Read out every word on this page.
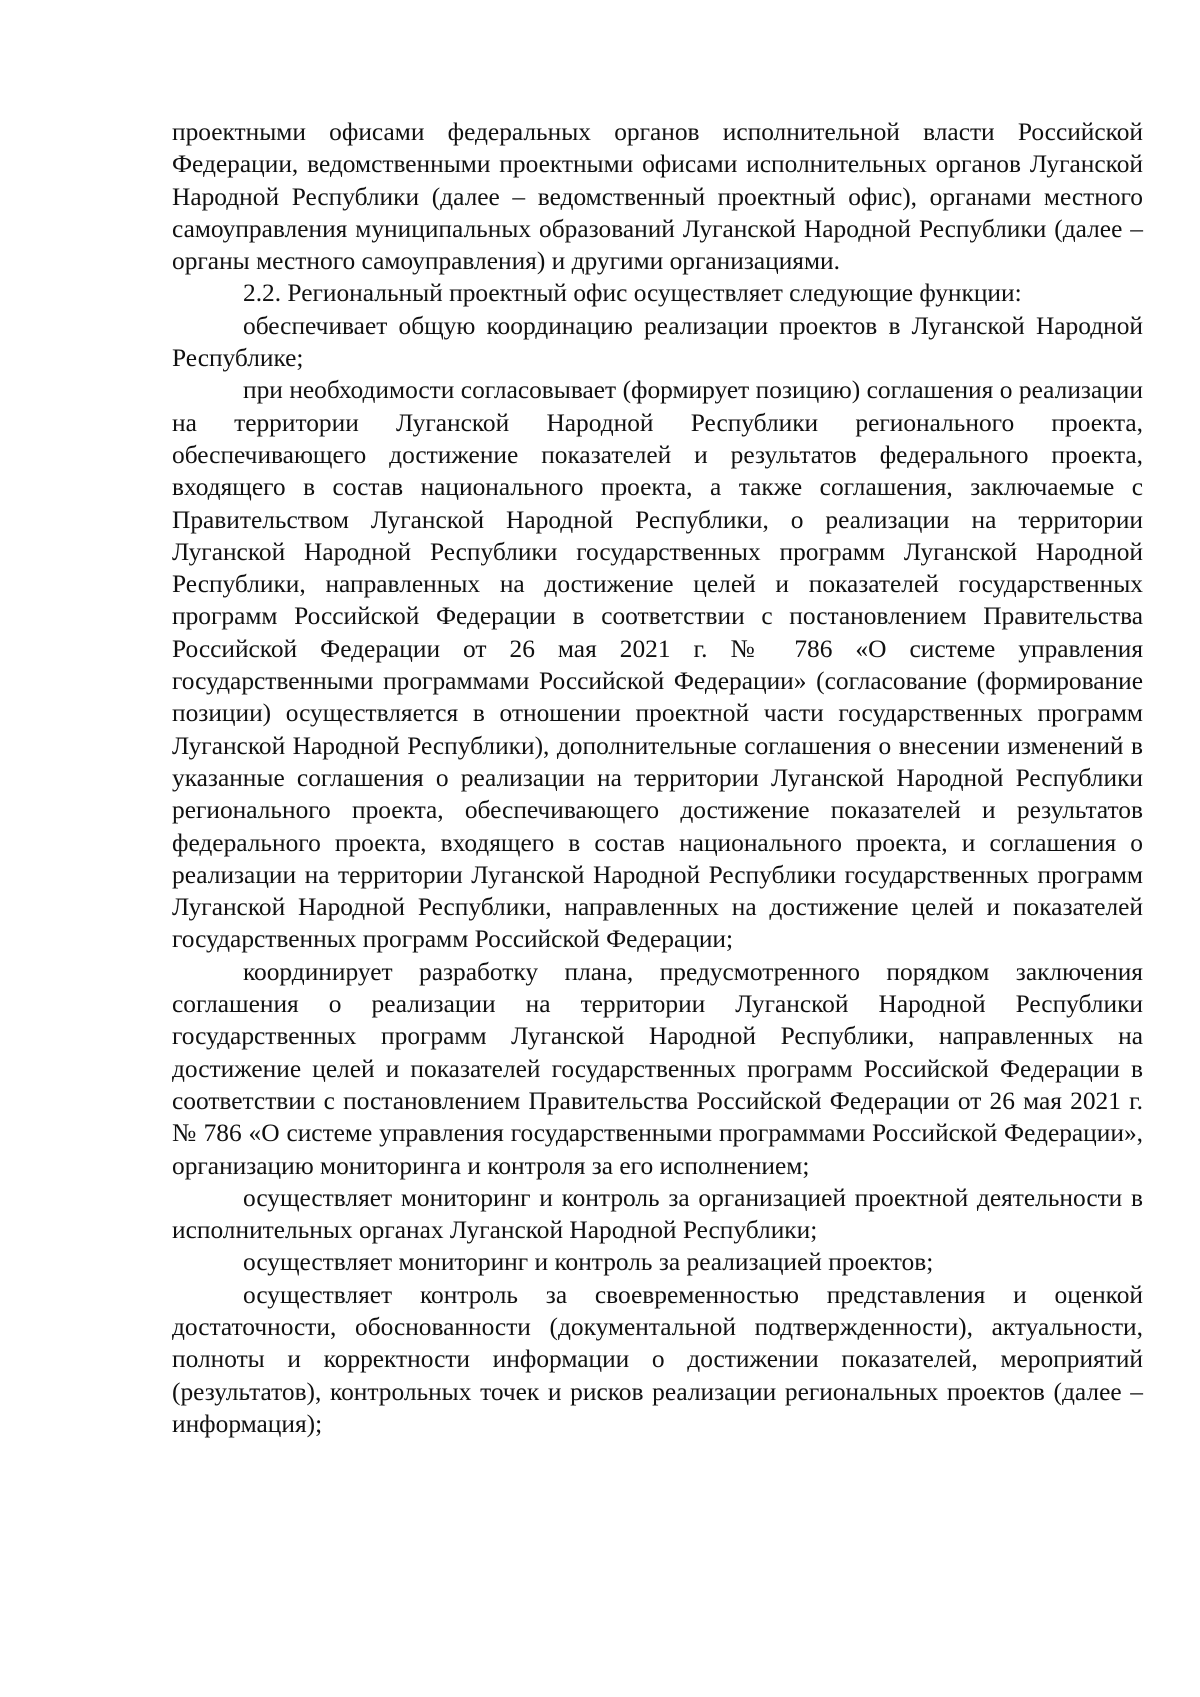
проектными офисами федеральных органов исполнительной власти Российской Федерации, ведомственными проектными офисами исполнительных органов Луганской Народной Республики (далее – ведомственный проектный офис), органами местного самоуправления муниципальных образований Луганской Народной Республики (далее – органы местного самоуправления) и другими организациями.

2.2. Региональный проектный офис осуществляет следующие функции:

обеспечивает общую координацию реализации проектов в Луганской Народной Республике;

при необходимости согласовывает (формирует позицию) соглашения о реализации на территории Луганской Народной Республики регионального проекта, обеспечивающего достижение показателей и результатов федерального проекта, входящего в состав национального проекта, а также соглашения, заключаемые с Правительством Луганской Народной Республики, о реализации на территории Луганской Народной Республики государственных программ Луганской Народной Республики, направленных на достижение целей и показателей государственных программ Российской Федерации в соответствии с постановлением Правительства Российской Федерации от 26 мая 2021 г. № 786 «О системе управления государственными программами Российской Федерации» (согласование (формирование позиции) осуществляется в отношении проектной части государственных программ Луганской Народной Республики), дополнительные соглашения о внесении изменений в указанные соглашения о реализации на территории Луганской Народной Республики регионального проекта, обеспечивающего достижение показателей и результатов федерального проекта, входящего в состав национального проекта, и соглашения о реализации на территории Луганской Народной Республики государственных программ Луганской Народной Республики, направленных на достижение целей и показателей государственных программ Российской Федерации;

координирует разработку плана, предусмотренного порядком заключения соглашения о реализации на территории Луганской Народной Республики государственных программ Луганской Народной Республики, направленных на достижение целей и показателей государственных программ Российской Федерации в соответствии с постановлением Правительства Российской Федерации от 26 мая 2021 г. № 786 «О системе управления государственными программами Российской Федерации», организацию мониторинга и контроля за его исполнением;

осуществляет мониторинг и контроль за организацией проектной деятельности в исполнительных органах Луганской Народной Республики;

осуществляет мониторинг и контроль за реализацией проектов;

осуществляет контроль за своевременностью представления и оценкой достаточности, обоснованности (документальной подтвержденности), актуальности, полноты и корректности информации о достижении показателей, мероприятий (результатов), контрольных точек и рисков реализации региональных проектов (далее – информация);
